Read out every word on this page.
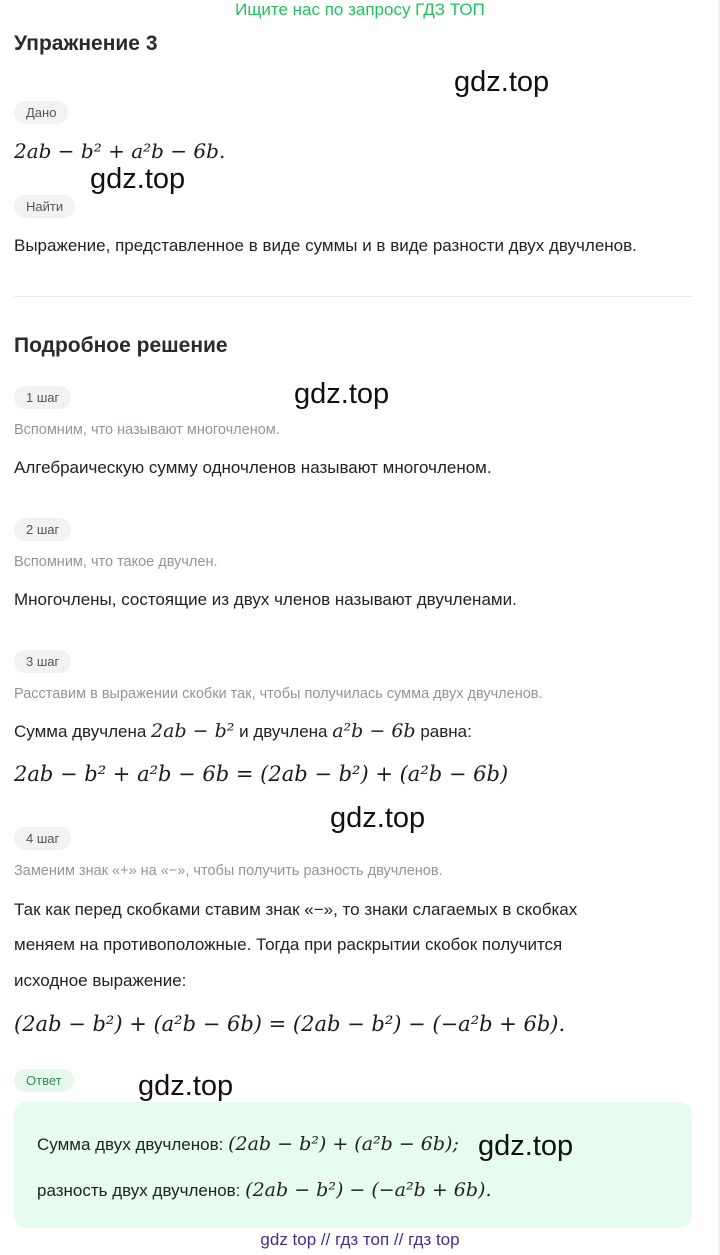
Ищите нас по запросу ГДЗ ТОП
Упражнение 3
gdz.top
Дано
2ab − b² + a²b − 6b.
gdz.top
Найти
Выражение, представленное в виде суммы и в виде разности двух двучленов.
Подробное решение
gdz.top
1 шаг
Вспомним, что называют многочленом.
Алгебраическую сумму одночленов называют многочленом.
2 шаг
Вспомним, что такое двучлен.
Многочлены, состоящие из двух членов называют двучленами.
3 шаг
Расставим в выражении скобки так, чтобы получилась сумма двух двучленов.
Сумма двучлена 2ab − b² и двучлена a²b − 6b равна:
2ab − b² + a²b − 6b = (2ab − b²) + (a²b − 6b)
gdz.top
4 шаг
Заменим знак «+» на «−», чтобы получить разность двучленов.
Так как перед скобками ставим знак «−», то знаки слагаемых в скобках
меняем на противоположные. Тогда при раскрытии скобок получится
исходное выражение:
(2ab − b²) + (a²b − 6b) = (2ab − b²) − (−a²b + 6b).
Ответ	gdz.top
Сумма двух двучленов: (2ab − b²) + (a²b − 6b); gdz.top
разность двух двучленов: (2ab − b²) − (−a²b + 6b).
gdz top // гдз топ // гдз top
